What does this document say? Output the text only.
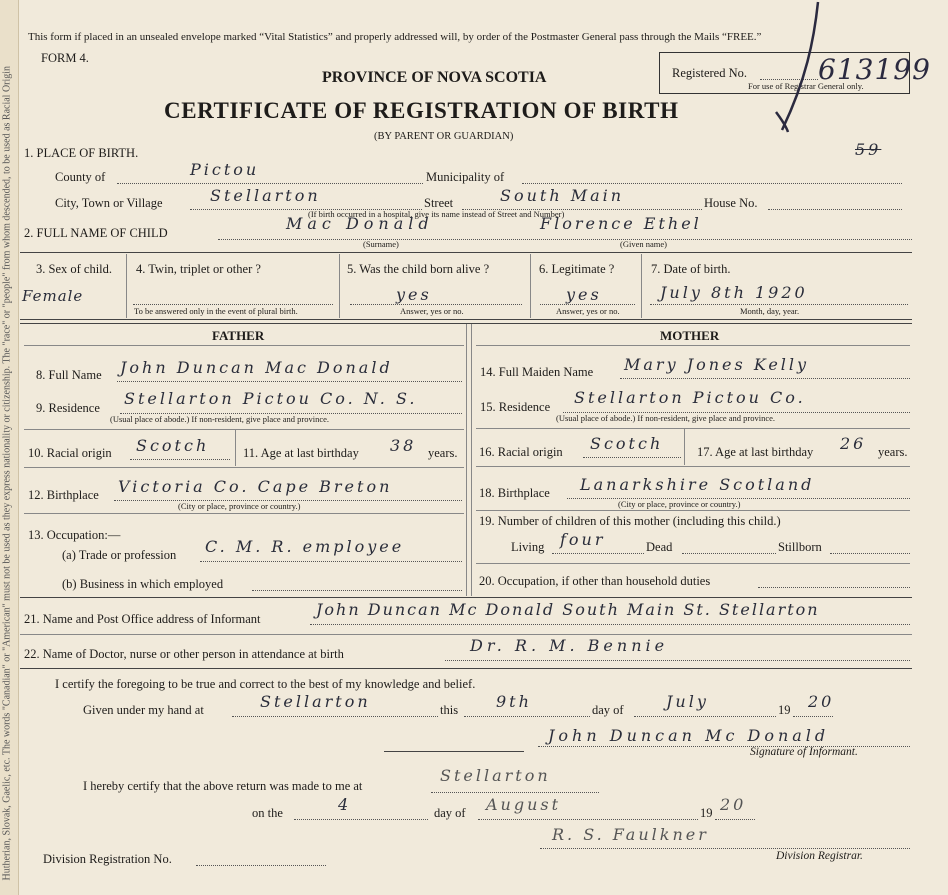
Hutherian, Slovak, Gaelic, etc. The words "Canadian" or "American" must not be used as they express nationality or citizenship. The "race" or "people" from whom descended, to be used as Racial Origin
This form if placed in an unsealed envelope marked “Vital Statistics” and properly addressed will, by order of the Postmaster General pass through the Mails “FREE.”
FORM 4.
Registered No.	613199
For use of Registrar General only.
PROVINCE OF NOVA SCOTIA
CERTIFICATE OF REGISTRATION OF BIRTH
(BY PARENT OR GUARDIAN)
59
1. PLACE OF BIRTH.
County of	Pictou	Municipality of
City, Town or Village	Stellarton	Street	South Main	House No.
(If birth occurred in a hospital, give its name instead of Street and Number)
2. FULL NAME OF CHILD	Mac Donald	Florence Ethel
(Surname)	(Given name)
3. Sex of child.
Female
4. Twin, triplet or other ?
To be answered only in the event of plural birth.
5. Was the child born alive ?
yes
Answer, yes or no.
6. Legitimate ?
yes
Answer, yes or no.
7. Date of birth.
July 8th 1920
Month, day, year.
FATHER	MOTHER
8. Full Name John Duncan Mac Donald
9. Residence Stellarton Pictou Co. N. S.
(Usual place of abode.) If non-resident, give place and province.
10. Racial origin Scotch	11. Age at last birthday 38 years.
12. Birthplace Victoria Co. Cape Breton
(City or place, province or country.)
13. Occupation:—
(a) Trade or profession C. M. R. employee
(b) Business in which employed
14. Full Maiden Name Mary Jones Kelly
15. Residence Stellarton Pictou Co.
(Usual place of abode.) If non-resident, give place and province.
16. Racial origin Scotch	17. Age at last birthday 26 years.
18. Birthplace Lanarkshire Scotland
(City or place, province or country.)
19. Number of children of this mother (including this child.)
Living four	Dead	Stillborn
20. Occupation, if other than household duties
21. Name and Post Office address of Informant	John Duncan Mc Donald South Main St. Stellarton
22. Name of Doctor, nurse or other person in attendance at birth	Dr. R. M. Bennie
I certify the foregoing to be true and correct to the best of my knowledge and belief.
Given under my hand at	Stellarton	this 9th	day of	July	19 20
John Duncan Mc Donald
Signature of Informant.
I hereby certify that the above return was made to me at
Stellarton
on the	4	day of August	19 20
R. S. Faulkner
Division Registrar.
Division Registration No.
